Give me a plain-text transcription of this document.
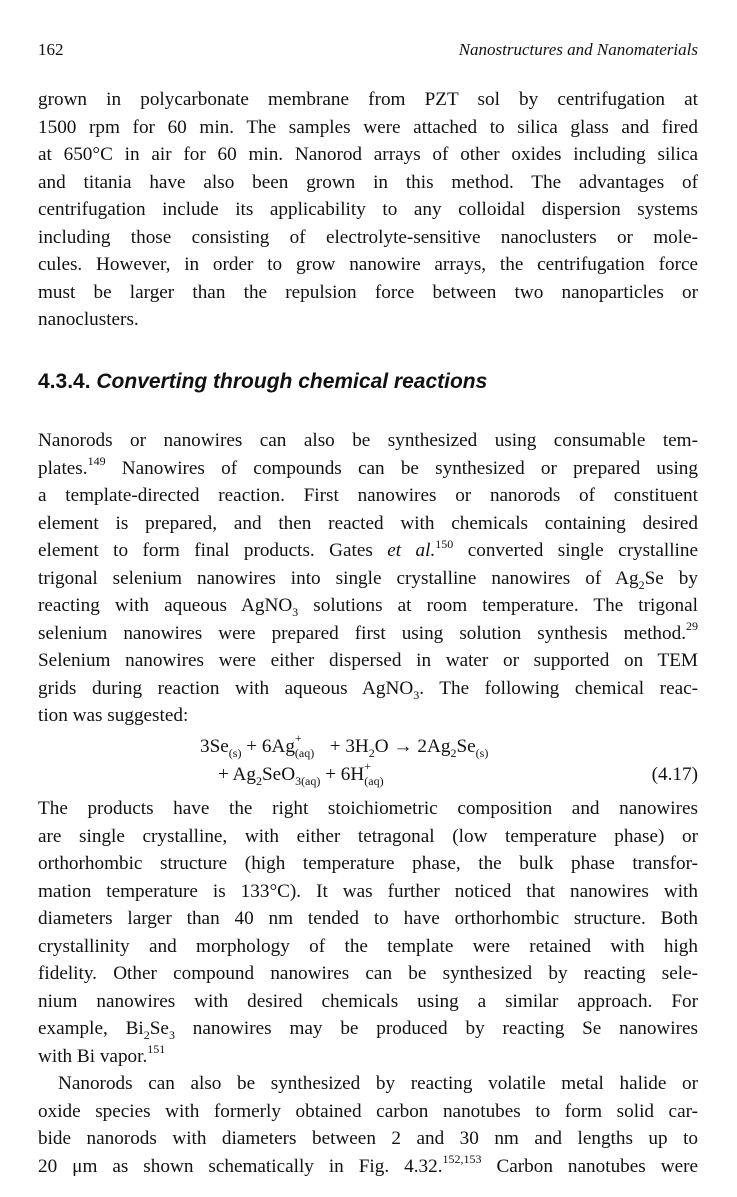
162	Nanostructures and Nanomaterials
grown in polycarbonate membrane from PZT sol by centrifugation at
1500 rpm for 60 min. The samples were attached to silica glass and fired
at 650°C in air for 60 min. Nanorod arrays of other oxides including silica
and titania have also been grown in this method. The advantages of
centrifugation include its applicability to any colloidal dispersion systems
including those consisting of electrolyte-sensitive nanoclusters or mole-
cules. However, in order to grow nanowire arrays, the centrifugation force
must be larger than the repulsion force between two nanoparticles or
nanoclusters.
4.3.4. Converting through chemical reactions
Nanorods or nanowires can also be synthesized using consumable tem-
plates.$^{149}$ Nanowires of compounds can be synthesized or prepared using
a template-directed reaction. First nanowires or nanorods of constituent
element is prepared, and then reacted with chemicals containing desired
element to form final products. Gates et al.$^{150}$ converted single crystalline
trigonal selenium nanowires into single crystalline nanowires of $Ag_2Se$ by
reacting with aqueous AgNO$_3$ solutions at room temperature. The trigonal
selenium nanowires were prepared first using solution synthesis method.$^{29}$
Selenium nanowires were either dispersed in water or supported on TEM
grids during reaction with aqueous AgNO$_3$. The following chemical reac-
tion was suggested:
$3Se_{(s)} + 6Ag$ +
$(aq) + 3H_2O \to 2Ag_2Se_{(s)}$
+ $Ag_2SeO_{3(aq)} + 6H$ +
(aq)	(4.17)
The products have the right stoichiometric composition and nanowires
are single crystalline, with either tetragonal (low temperature phase) or
orthorhombic structure (high temperature phase, the bulk phase transfor-
mation temperature is 133°C). It was further noticed that nanowires with
diameters larger than 40 nm tended to have orthorhombic structure. Both
crystallinity and morphology of the template were retained with high
fidelity. Other compound nanowires can be synthesized by reacting sele-
nium nanowires with desired chemicals using a similar approach. For
example, $Bi_2Se_3$ nanowires may be produced by reacting Se nanowires
with Bi vapor.$^{151}$
Nanorods can also be synthesized by reacting volatile metal halide or
oxide species with formerly obtained carbon nanotubes to form solid car-
bide nanorods with diameters between 2 and 30 nm and lengths up to
20 μm as shown schematically in Fig. 4.32.$^{152,153}$ Carbon nanotubes were
